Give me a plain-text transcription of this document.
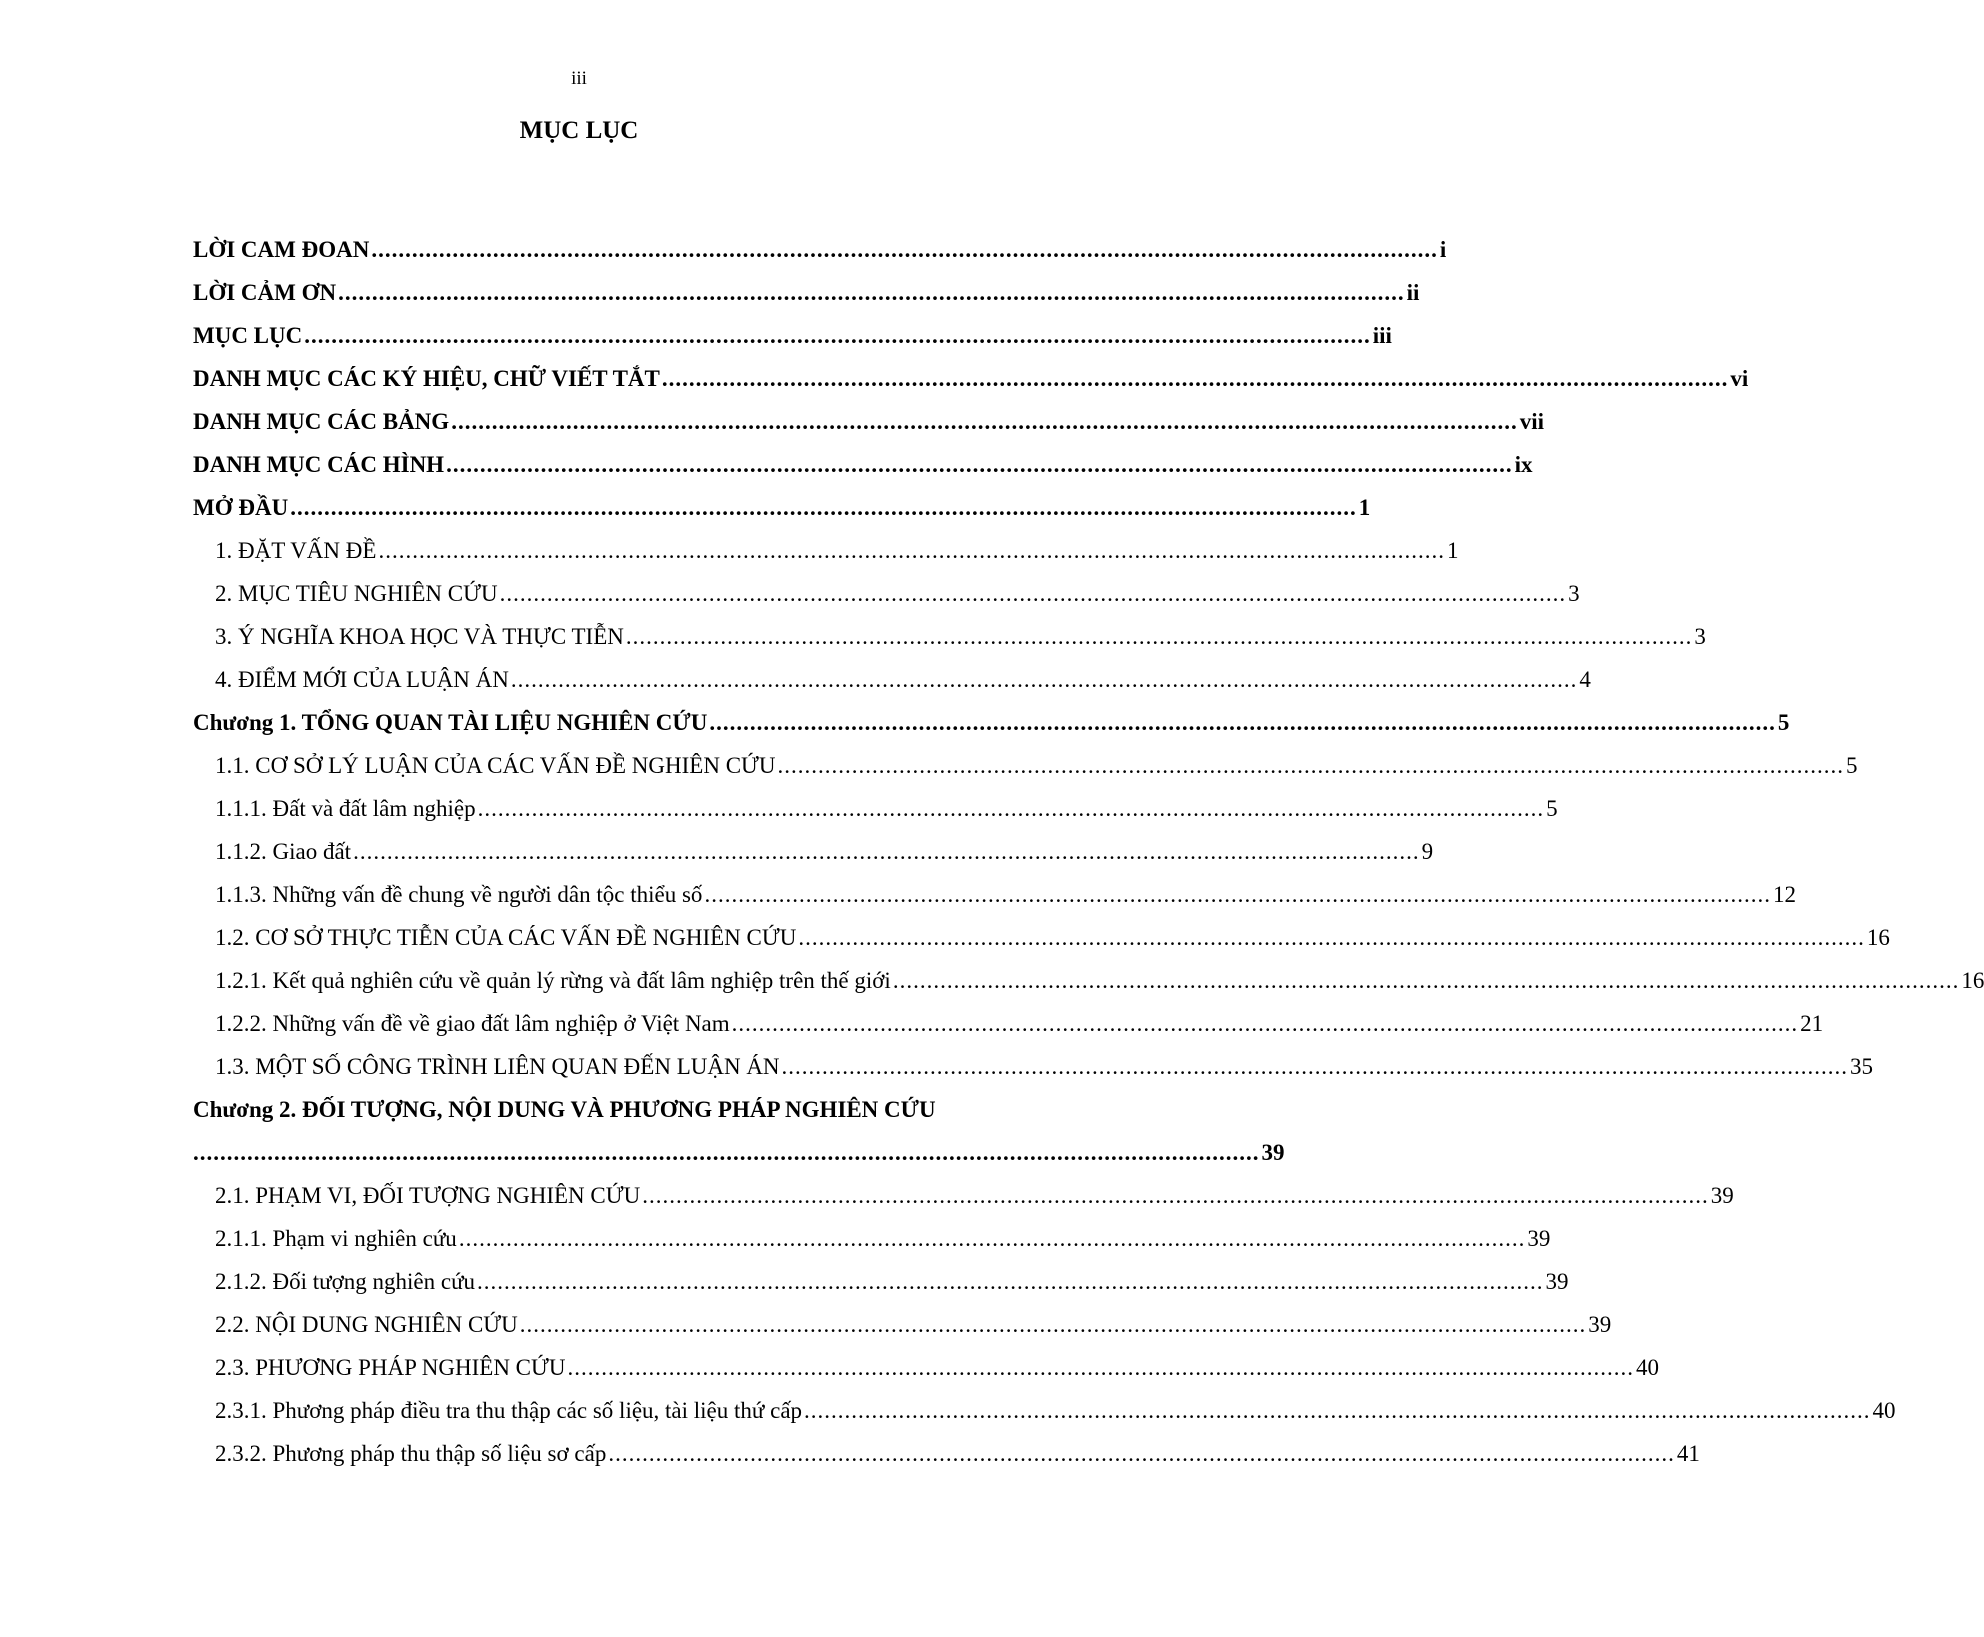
iii
MỤC LỤC
LỜI CAM ĐOAN .............................................................................................................................................................. i
LỜI CẢM ƠN .............................................................................................................................................................. ii
MỤC LỤC .............................................................................................................................................................. iii
DANH MỤC CÁC KÝ HIỆU, CHỮ VIẾT TẮT .............................................................................................................................................................. vi
DANH MỤC CÁC BẢNG .............................................................................................................................................................. vii
DANH MỤC CÁC HÌNH .............................................................................................................................................................. ix
MỞ ĐẦU .............................................................................................................................................................. 1
1. ĐẶT VẤN ĐỀ .............................................................................................................................................................. 1
2. MỤC TIÊU NGHIÊN CỨU .............................................................................................................................................................. 3
3. Ý NGHĨA KHOA HỌC VÀ THỰC TIỄN .............................................................................................................................................................. 3
4. ĐIỂM MỚI CỦA LUẬN ÁN .............................................................................................................................................................. 4
Chương 1. TỔNG QUAN TÀI LIỆU NGHIÊN CỨU .............................................................................................................................................................. 5
1.1. CƠ SỞ LÝ LUẬN CỦA CÁC VẤN ĐỀ NGHIÊN CỨU .............................................................................................................................................................. 5
1.1.1. Đất và đất lâm nghiệp .............................................................................................................................................................. 5
1.1.2. Giao đất .............................................................................................................................................................. 9
1.1.3. Những vấn đề chung về người dân tộc thiểu số .............................................................................................................................................................. 12
1.2. CƠ SỞ THỰC TIỄN CỦA CÁC VẤN ĐỀ NGHIÊN CỨU .............................................................................................................................................................. 16
1.2.1. Kết quả nghiên cứu về quản lý rừng và đất lâm nghiệp trên thế giới .............................................................................................................................................................. 16
1.2.2. Những vấn đề về giao đất lâm nghiệp ở Việt Nam .............................................................................................................................................................. 21
1.3. MỘT SỐ CÔNG TRÌNH LIÊN QUAN ĐẾN LUẬN ÁN .............................................................................................................................................................. 35
Chương 2. ĐỐI TƯỢNG, NỘI DUNG VÀ PHƯƠNG PHÁP NGHIÊN CỨU
.............................................................................................................................................................. 39
2.1. PHẠM VI, ĐỐI TƯỢNG NGHIÊN CỨU .............................................................................................................................................................. 39
2.1.1. Phạm vi nghiên cứu .............................................................................................................................................................. 39
2.1.2. Đối tượng nghiên cứu .............................................................................................................................................................. 39
2.2. NỘI DUNG NGHIÊN CỨU .............................................................................................................................................................. 39
2.3. PHƯƠNG PHÁP NGHIÊN CỨU .............................................................................................................................................................. 40
2.3.1. Phương pháp điều tra thu thập các số liệu, tài liệu thứ cấp .............................................................................................................................................................. 40
2.3.2. Phương pháp thu thập số liệu sơ cấp .............................................................................................................................................................. 41
